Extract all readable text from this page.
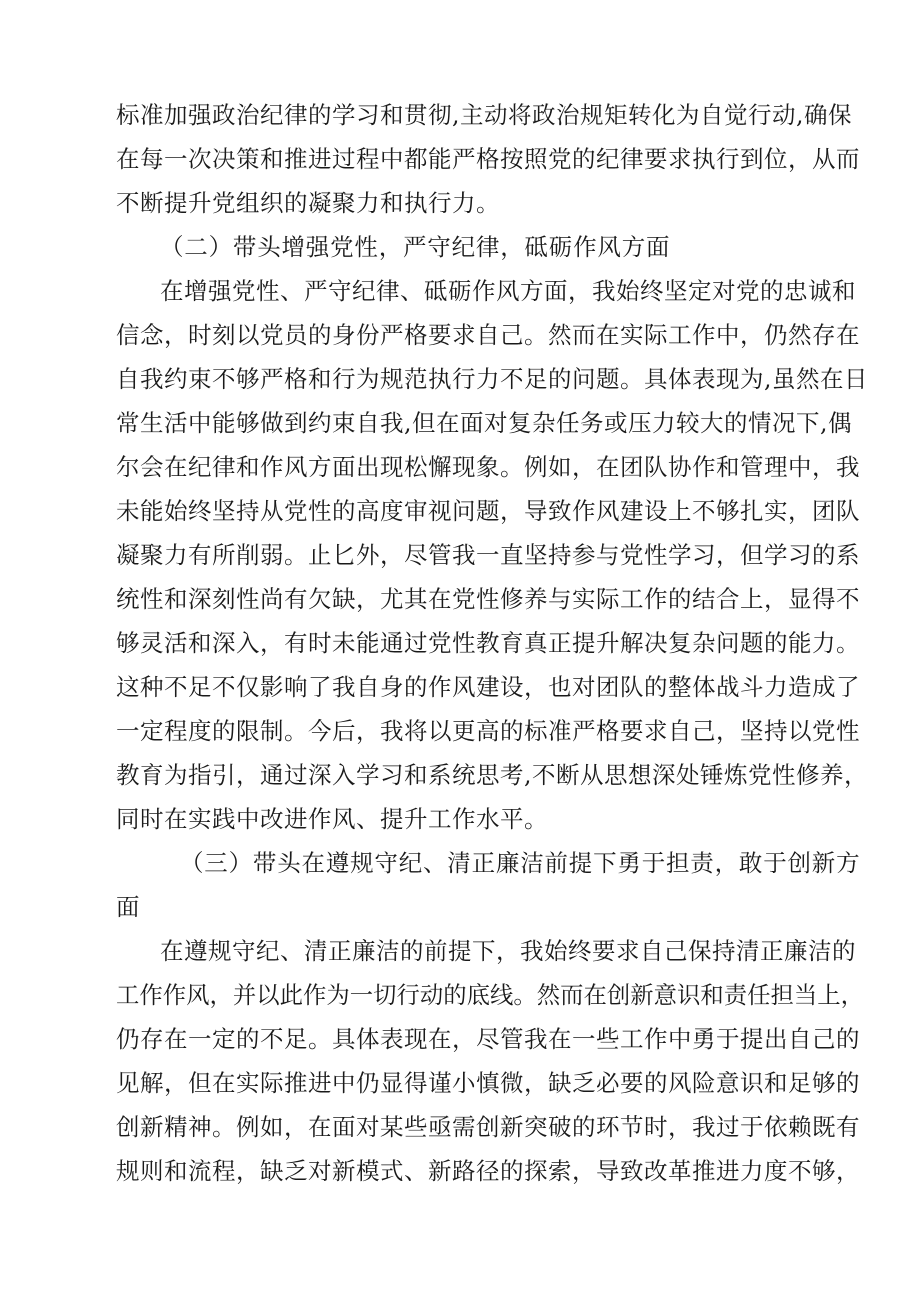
标准加强政治纪律的学习和贯彻,主动将政治规矩转化为自觉行动,确保
在每一次决策和推进过程中都能严格按照党的纪律要求执行到位，从而
不断提升党组织的凝聚力和执行力。
（二）带头增强党性，严守纪律，砥砺作风方面
在增强党性、严守纪律、砥砺作风方面，我始终坚定对党的忠诚和
信念，时刻以党员的身份严格要求自己。然而在实际工作中，仍然存在
自我约束不够严格和行为规范执行力不足的问题。具体表现为,虽然在日
常生活中能够做到约束自我,但在面对复杂任务或压力较大的情况下,偶
尔会在纪律和作风方面出现松懈现象。例如，在团队协作和管理中，我
未能始终坚持从党性的高度审视问题，导致作风建设上不够扎实，团队
凝聚力有所削弱。止匕外，尽管我一直坚持参与党性学习，但学习的系
统性和深刻性尚有欠缺，尤其在党性修养与实际工作的结合上，显得不
够灵活和深入，有时未能通过党性教育真正提升解决复杂问题的能力。
这种不足不仅影响了我自身的作风建设，也对团队的整体战斗力造成了
一定程度的限制。今后，我将以更高的标准严格要求自己，坚持以党性
教育为指引，通过深入学习和系统思考,不断从思想深处锤炼党性修养，
同时在实践中改进作风、提升工作水平。
（三）带头在遵规守纪、清正廉洁前提下勇于担责，敢于创新方
面
在遵规守纪、清正廉洁的前提下，我始终要求自己保持清正廉洁的
工作作风，并以此作为一切行动的底线。然而在创新意识和责任担当上，
仍存在一定的不足。具体表现在，尽管我在一些工作中勇于提出自己的
见解，但在实际推进中仍显得谨小慎微，缺乏必要的风险意识和足够的
创新精神。例如，在面对某些亟需创新突破的环节时，我过于依赖既有
规则和流程，缺乏对新模式、新路径的探索，导致改革推进力度不够，
